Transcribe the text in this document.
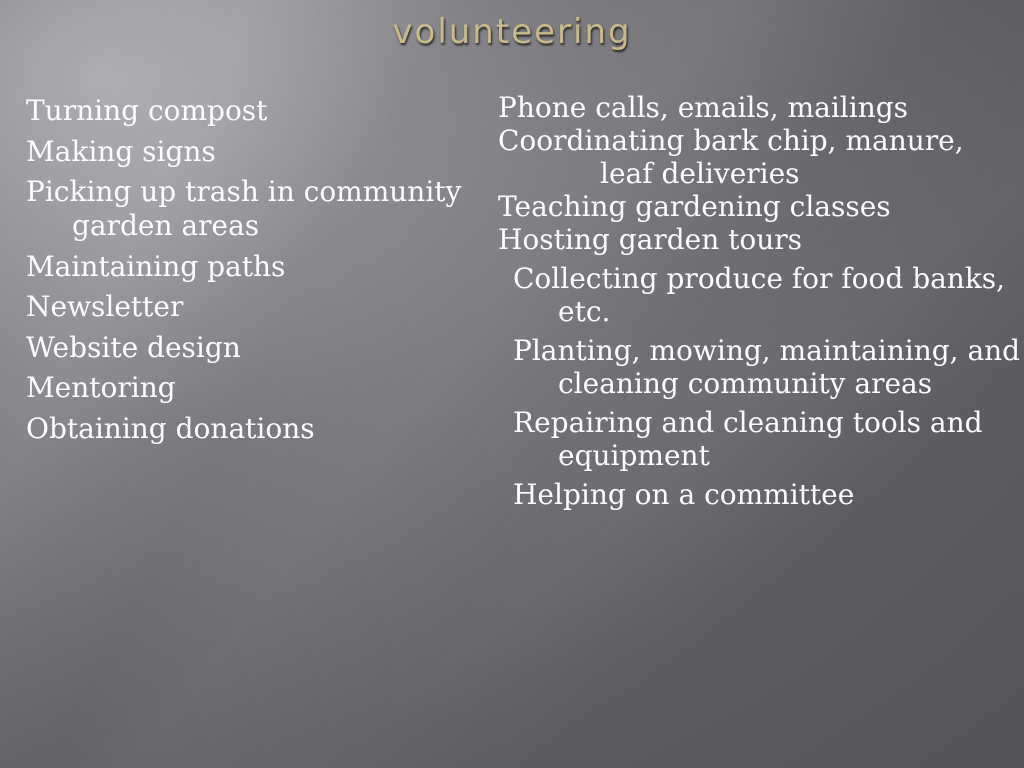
volunteering
Turning compost
Making signs
Picking up trash in community garden areas
Maintaining paths
Newsletter
Website design
Mentoring
Obtaining donations
Phone calls, emails, mailings
Coordinating bark chip, manure, leaf deliveries
Teaching gardening classes
Hosting garden tours
Collecting produce for food banks, etc.
Planting, mowing, maintaining, and cleaning community areas
Repairing and cleaning tools and equipment
Helping on a committee
